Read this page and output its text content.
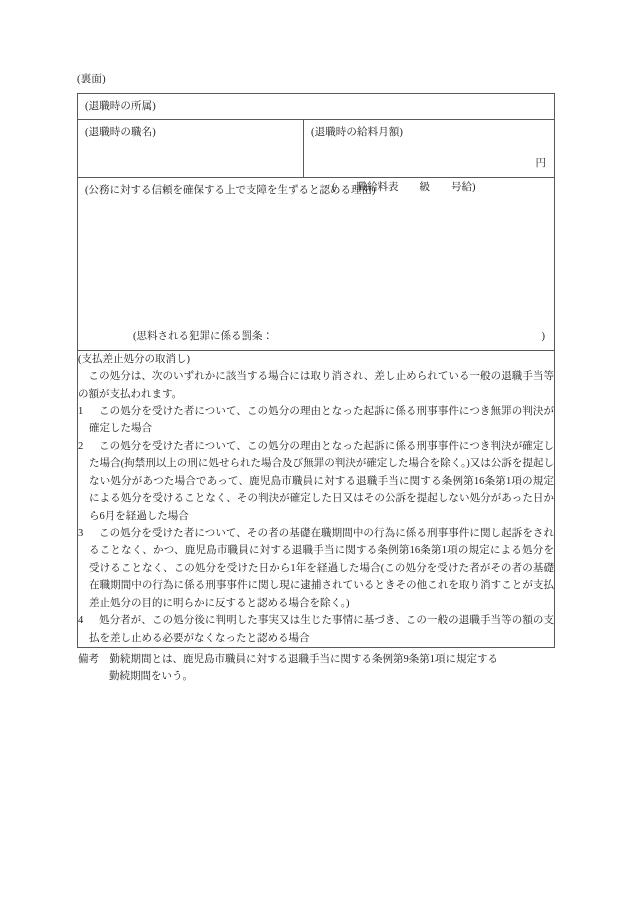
(裏面)
(退職時の所属)

(退職時の職名)	(退職時の給料月額)
円
(        職給料表        級        号給)

(公務に対する信頼を確保する上で支障を生ずると認める理由)
(思料される犯罪に係る罰条：	)

(支払差止処分の取消し)
この処分は、次のいずれかに該当する場合には取り消され、差し止められている一般の退職手当等の額が支払われます。
1	この処分を受けた者について、この処分の理由となった起訴に係る刑事事件につき無罪の判決が確定した場合
2	この処分を受けた者について、この処分の理由となった起訴に係る刑事事件につき判決が確定した場合(拘禁刑以上の刑に処せられた場合及び無罪の判決が確定した場合を除く。)又は公訴を提起しない処分があつた場合であって、鹿児島市職員に対する退職手当に関する条例第16条第1項の規定による処分を受けることなく、その判決が確定した日又はその公訴を提起しない処分があった日から6月を経過した場合
3	この処分を受けた者について、その者の基礎在職期間中の行為に係る刑事事件に関し起訴をされることなく、かつ、鹿児島市職員に対する退職手当に関する条例第16条第1項の規定による処分を受けることなく、この処分を受けた日から1年を経過した場合(この処分を受けた者がその者の基礎在職期間中の行為に係る刑事事件に関し現に逮捕されているときその他これを取り消すことが支払差止処分の目的に明らかに反すると認める場合を除く。)
4	処分者が、この処分後に判明した事実又は生じた事情に基づき、この一般の退職手当等の額の支払を差し止める必要がなくなったと認める場合
備考 勤続期間とは、鹿児島市職員に対する退職手当に関する条例第9条第1項に規定する
勤続期間をいう。
